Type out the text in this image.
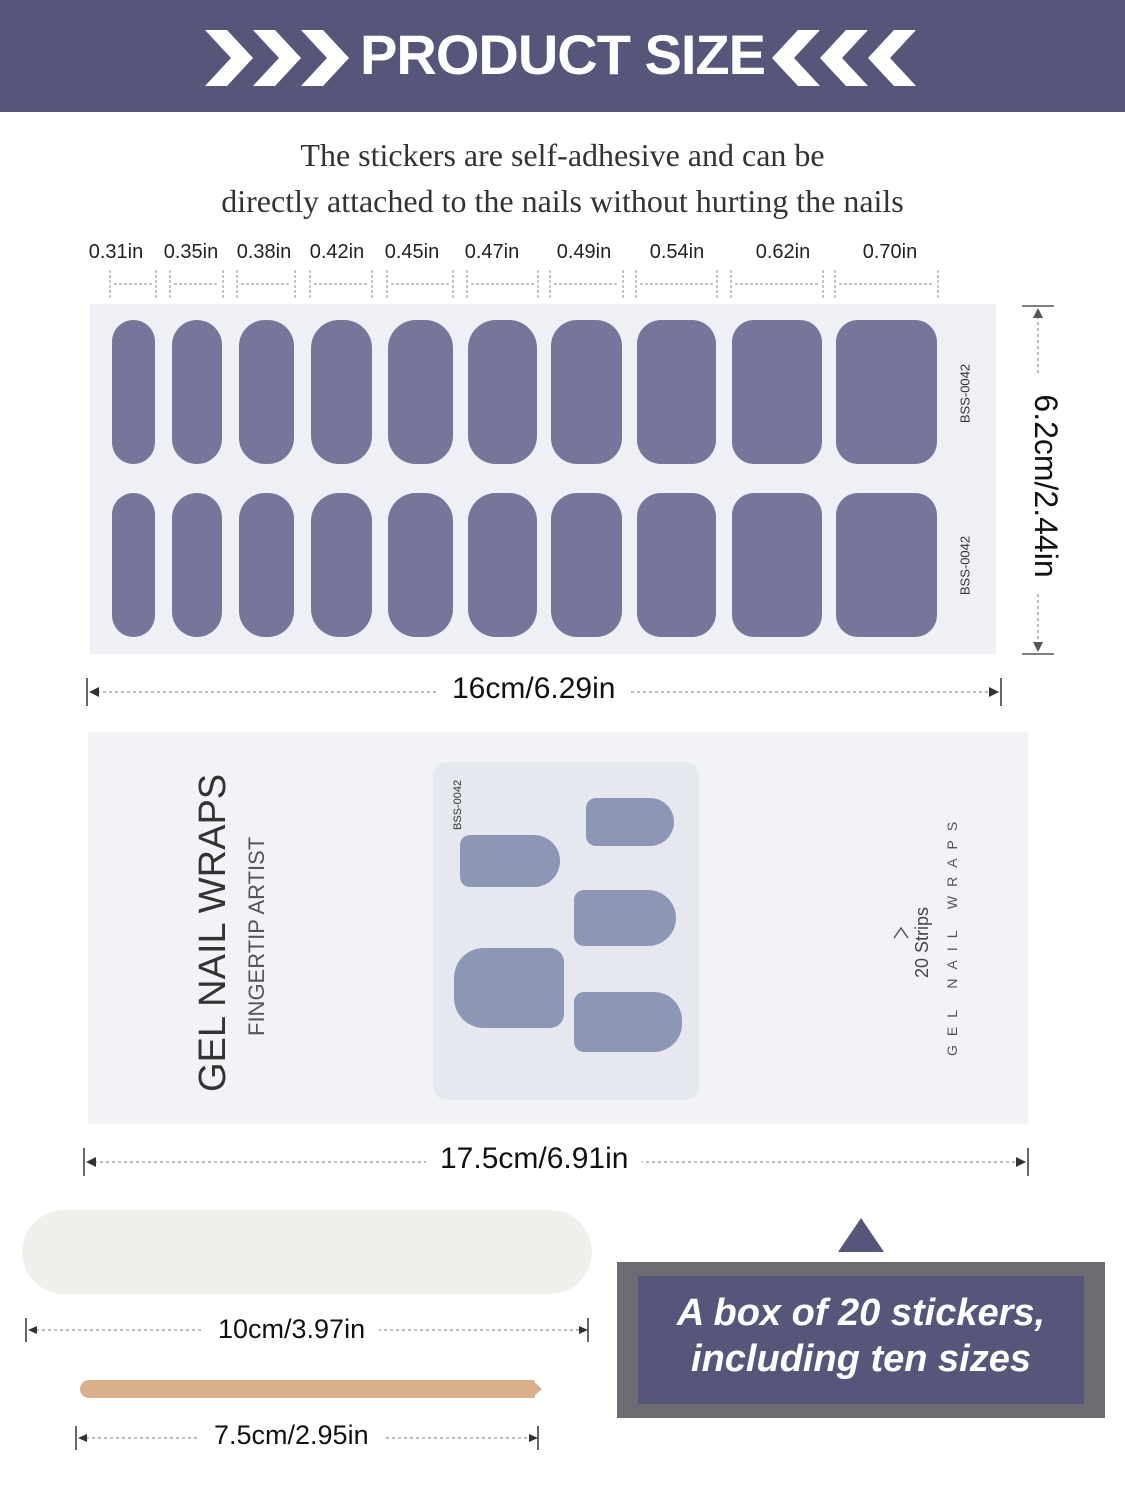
PRODUCT SIZE
The stickers are self-adhesive and can be
directly attached to the nails without hurting the nails
0.31in 0.35in 0.38in 0.42in 0.45in 0.47in 0.49in 0.54in	0.62in	0.70in
BSS-0042
BSS-0042 6.2cm/2.44in
16cm/6.29in
GEL NAIL WRAPS FINGERTIP ARTIST
BSS-0042
20 Strips GEL NAIL WRAPS
17.5cm/6.91in
10cm/3.97in
7.5cm/2.95in
A box of 20 stickers,
including ten sizes
